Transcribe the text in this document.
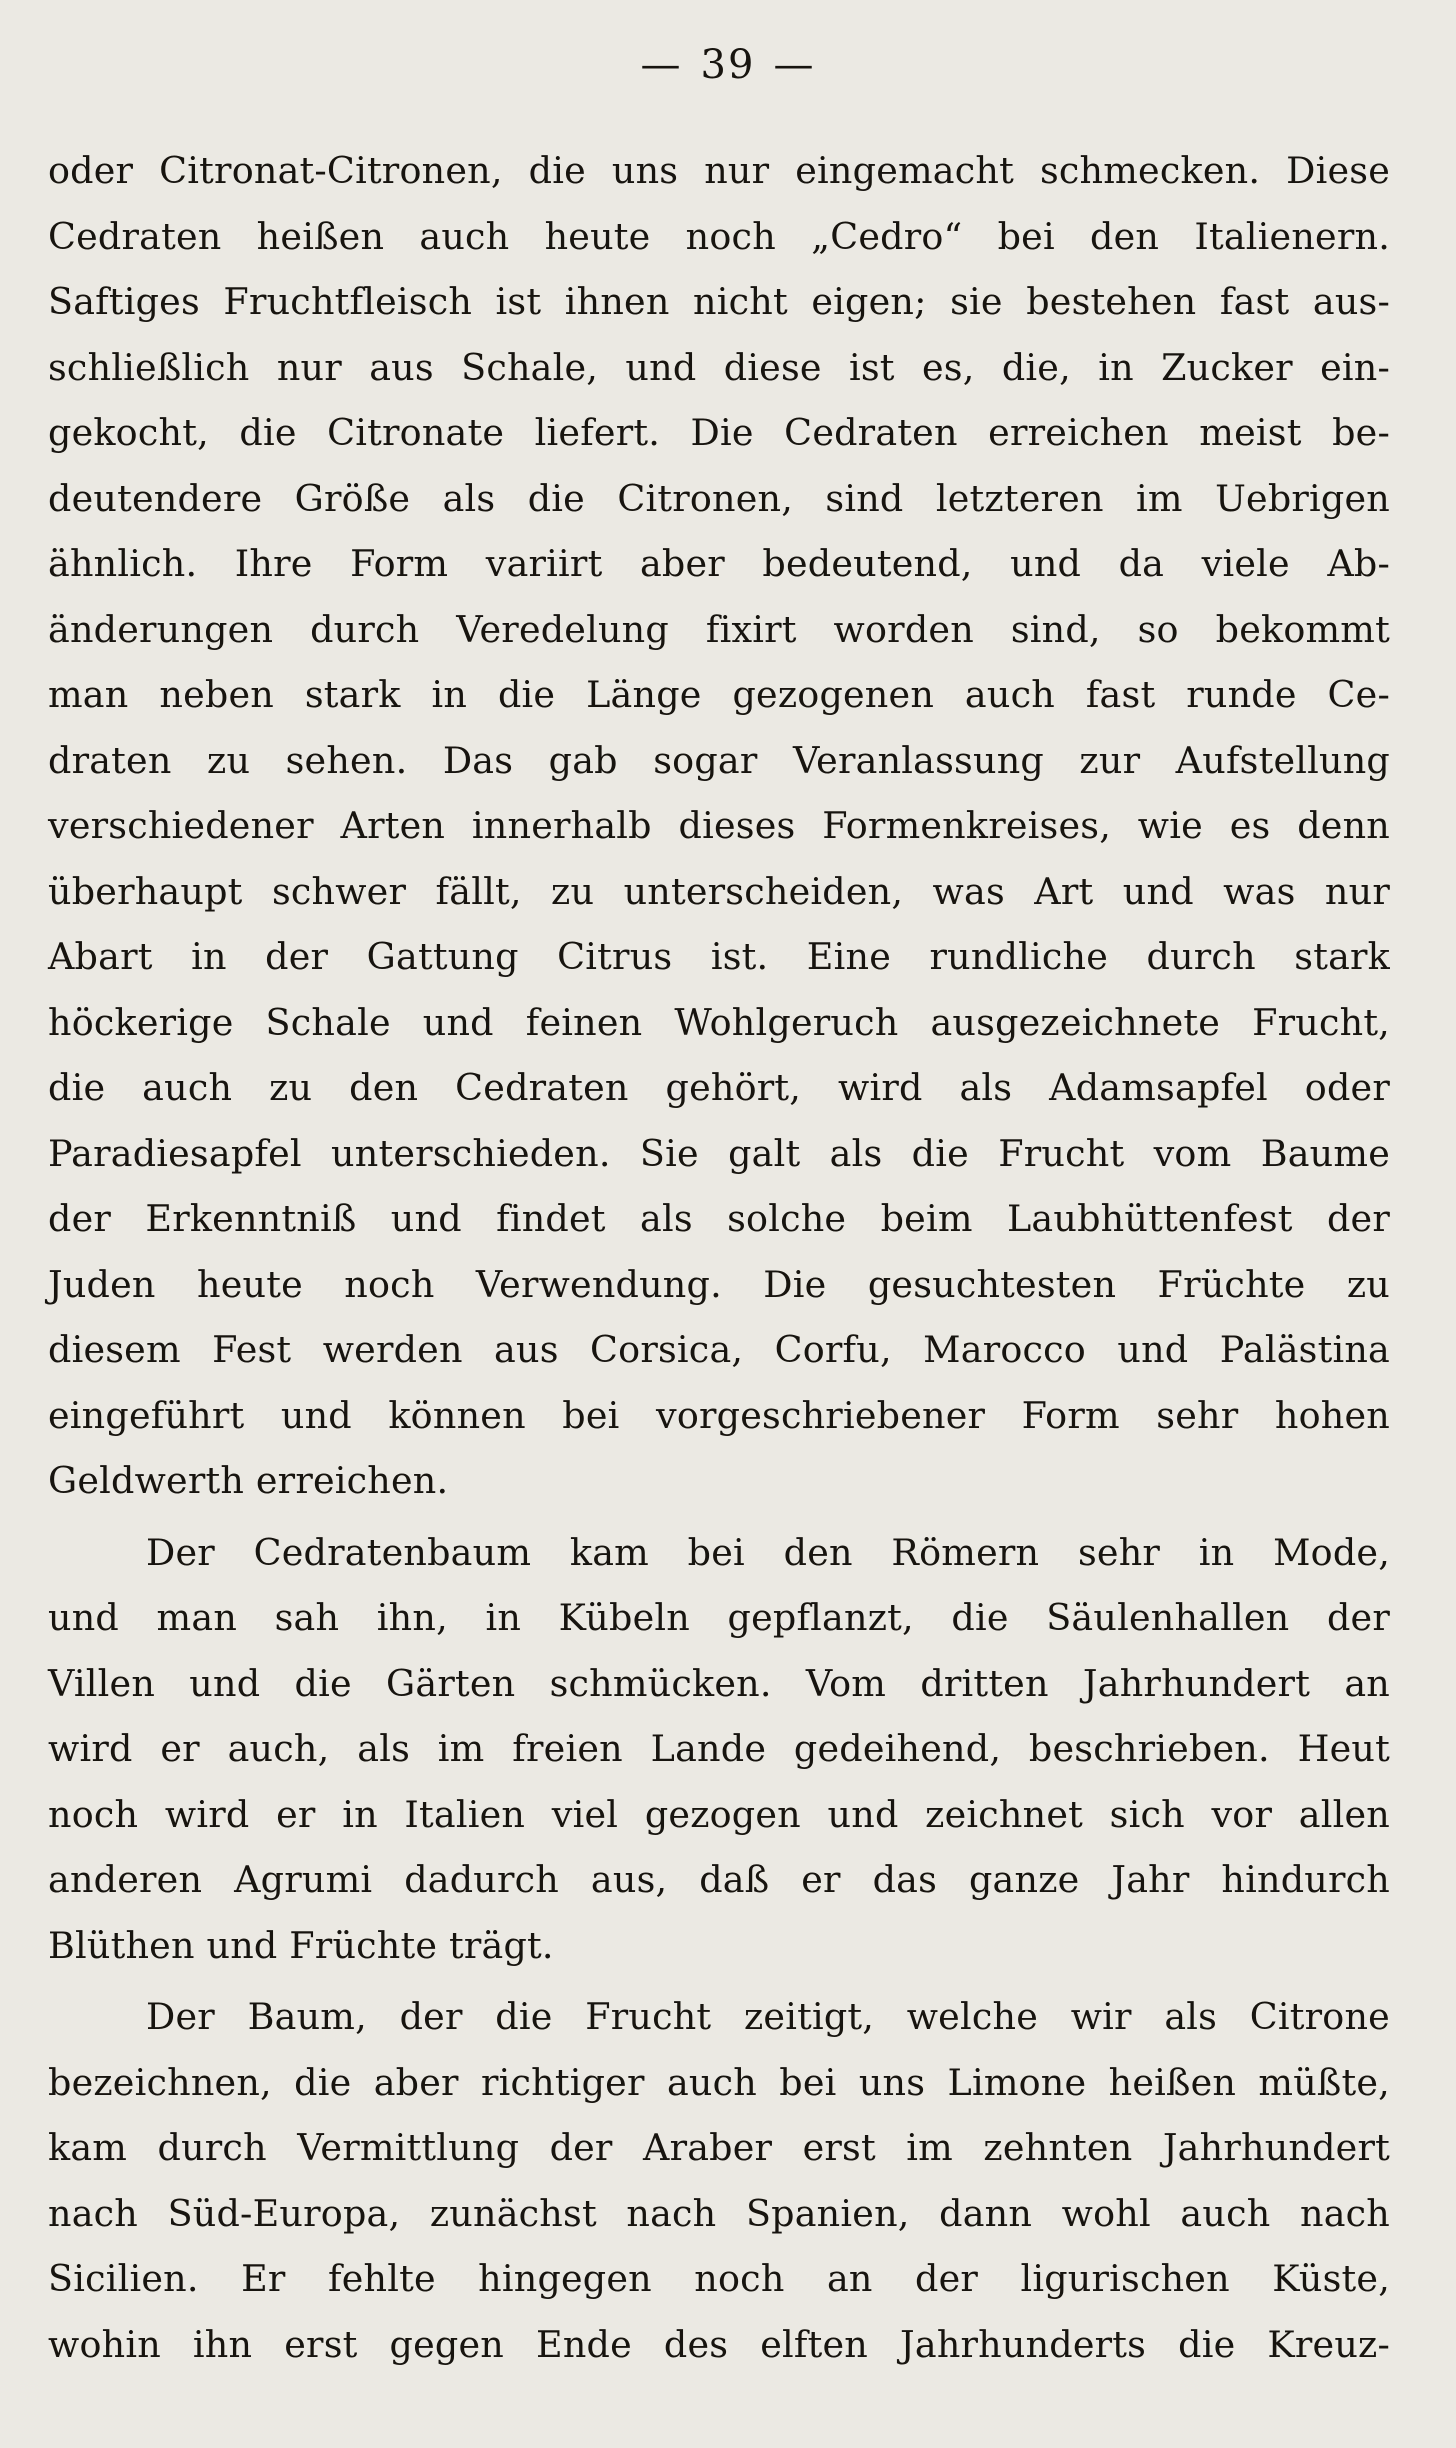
— 39 —
oder Citronat-Citronen, die uns nur eingemacht schmecken. Diese
Cedraten heißen auch heute noch „Cedro“ bei den Italienern.
Saftiges Fruchtfleisch ist ihnen nicht eigen; sie bestehen fast aus-
schließlich nur aus Schale, und diese ist es, die, in Zucker ein-
gekocht, die Citronate liefert. Die Cedraten erreichen meist be-
deutendere Größe als die Citronen, sind letzteren im Uebrigen
ähnlich. Ihre Form variirt aber bedeutend, und da viele Ab-
änderungen durch Veredelung fixirt worden sind, so bekommt
man neben stark in die Länge gezogenen auch fast runde Ce-
draten zu sehen. Das gab sogar Veranlassung zur Aufstellung
verschiedener Arten innerhalb dieses Formenkreises, wie es denn
überhaupt schwer fällt, zu unterscheiden, was Art und was nur
Abart in der Gattung Citrus ist. Eine rundliche durch stark
höckerige Schale und feinen Wohlgeruch ausgezeichnete Frucht,
die auch zu den Cedraten gehört, wird als Adamsapfel oder
Paradiesapfel unterschieden. Sie galt als die Frucht vom Baume
der Erkenntniß und findet als solche beim Laubhüttenfest der
Juden heute noch Verwendung. Die gesuchtesten Früchte zu
diesem Fest werden aus Corsica, Corfu, Marocco und Palästina
eingeführt und können bei vorgeschriebener Form sehr hohen
Geldwerth erreichen.
Der Cedratenbaum kam bei den Römern sehr in Mode,
und man sah ihn, in Kübeln gepflanzt, die Säulenhallen der
Villen und die Gärten schmücken. Vom dritten Jahrhundert an
wird er auch, als im freien Lande gedeihend, beschrieben. Heut
noch wird er in Italien viel gezogen und zeichnet sich vor allen
anderen Agrumi dadurch aus, daß er das ganze Jahr hindurch
Blüthen und Früchte trägt.
Der Baum, der die Frucht zeitigt, welche wir als Citrone
bezeichnen, die aber richtiger auch bei uns Limone heißen müßte,
kam durch Vermittlung der Araber erst im zehnten Jahrhundert
nach Süd-Europa, zunächst nach Spanien, dann wohl auch nach
Sicilien. Er fehlte hingegen noch an der ligurischen Küste,
wohin ihn erst gegen Ende des elften Jahrhunderts die Kreuz-
